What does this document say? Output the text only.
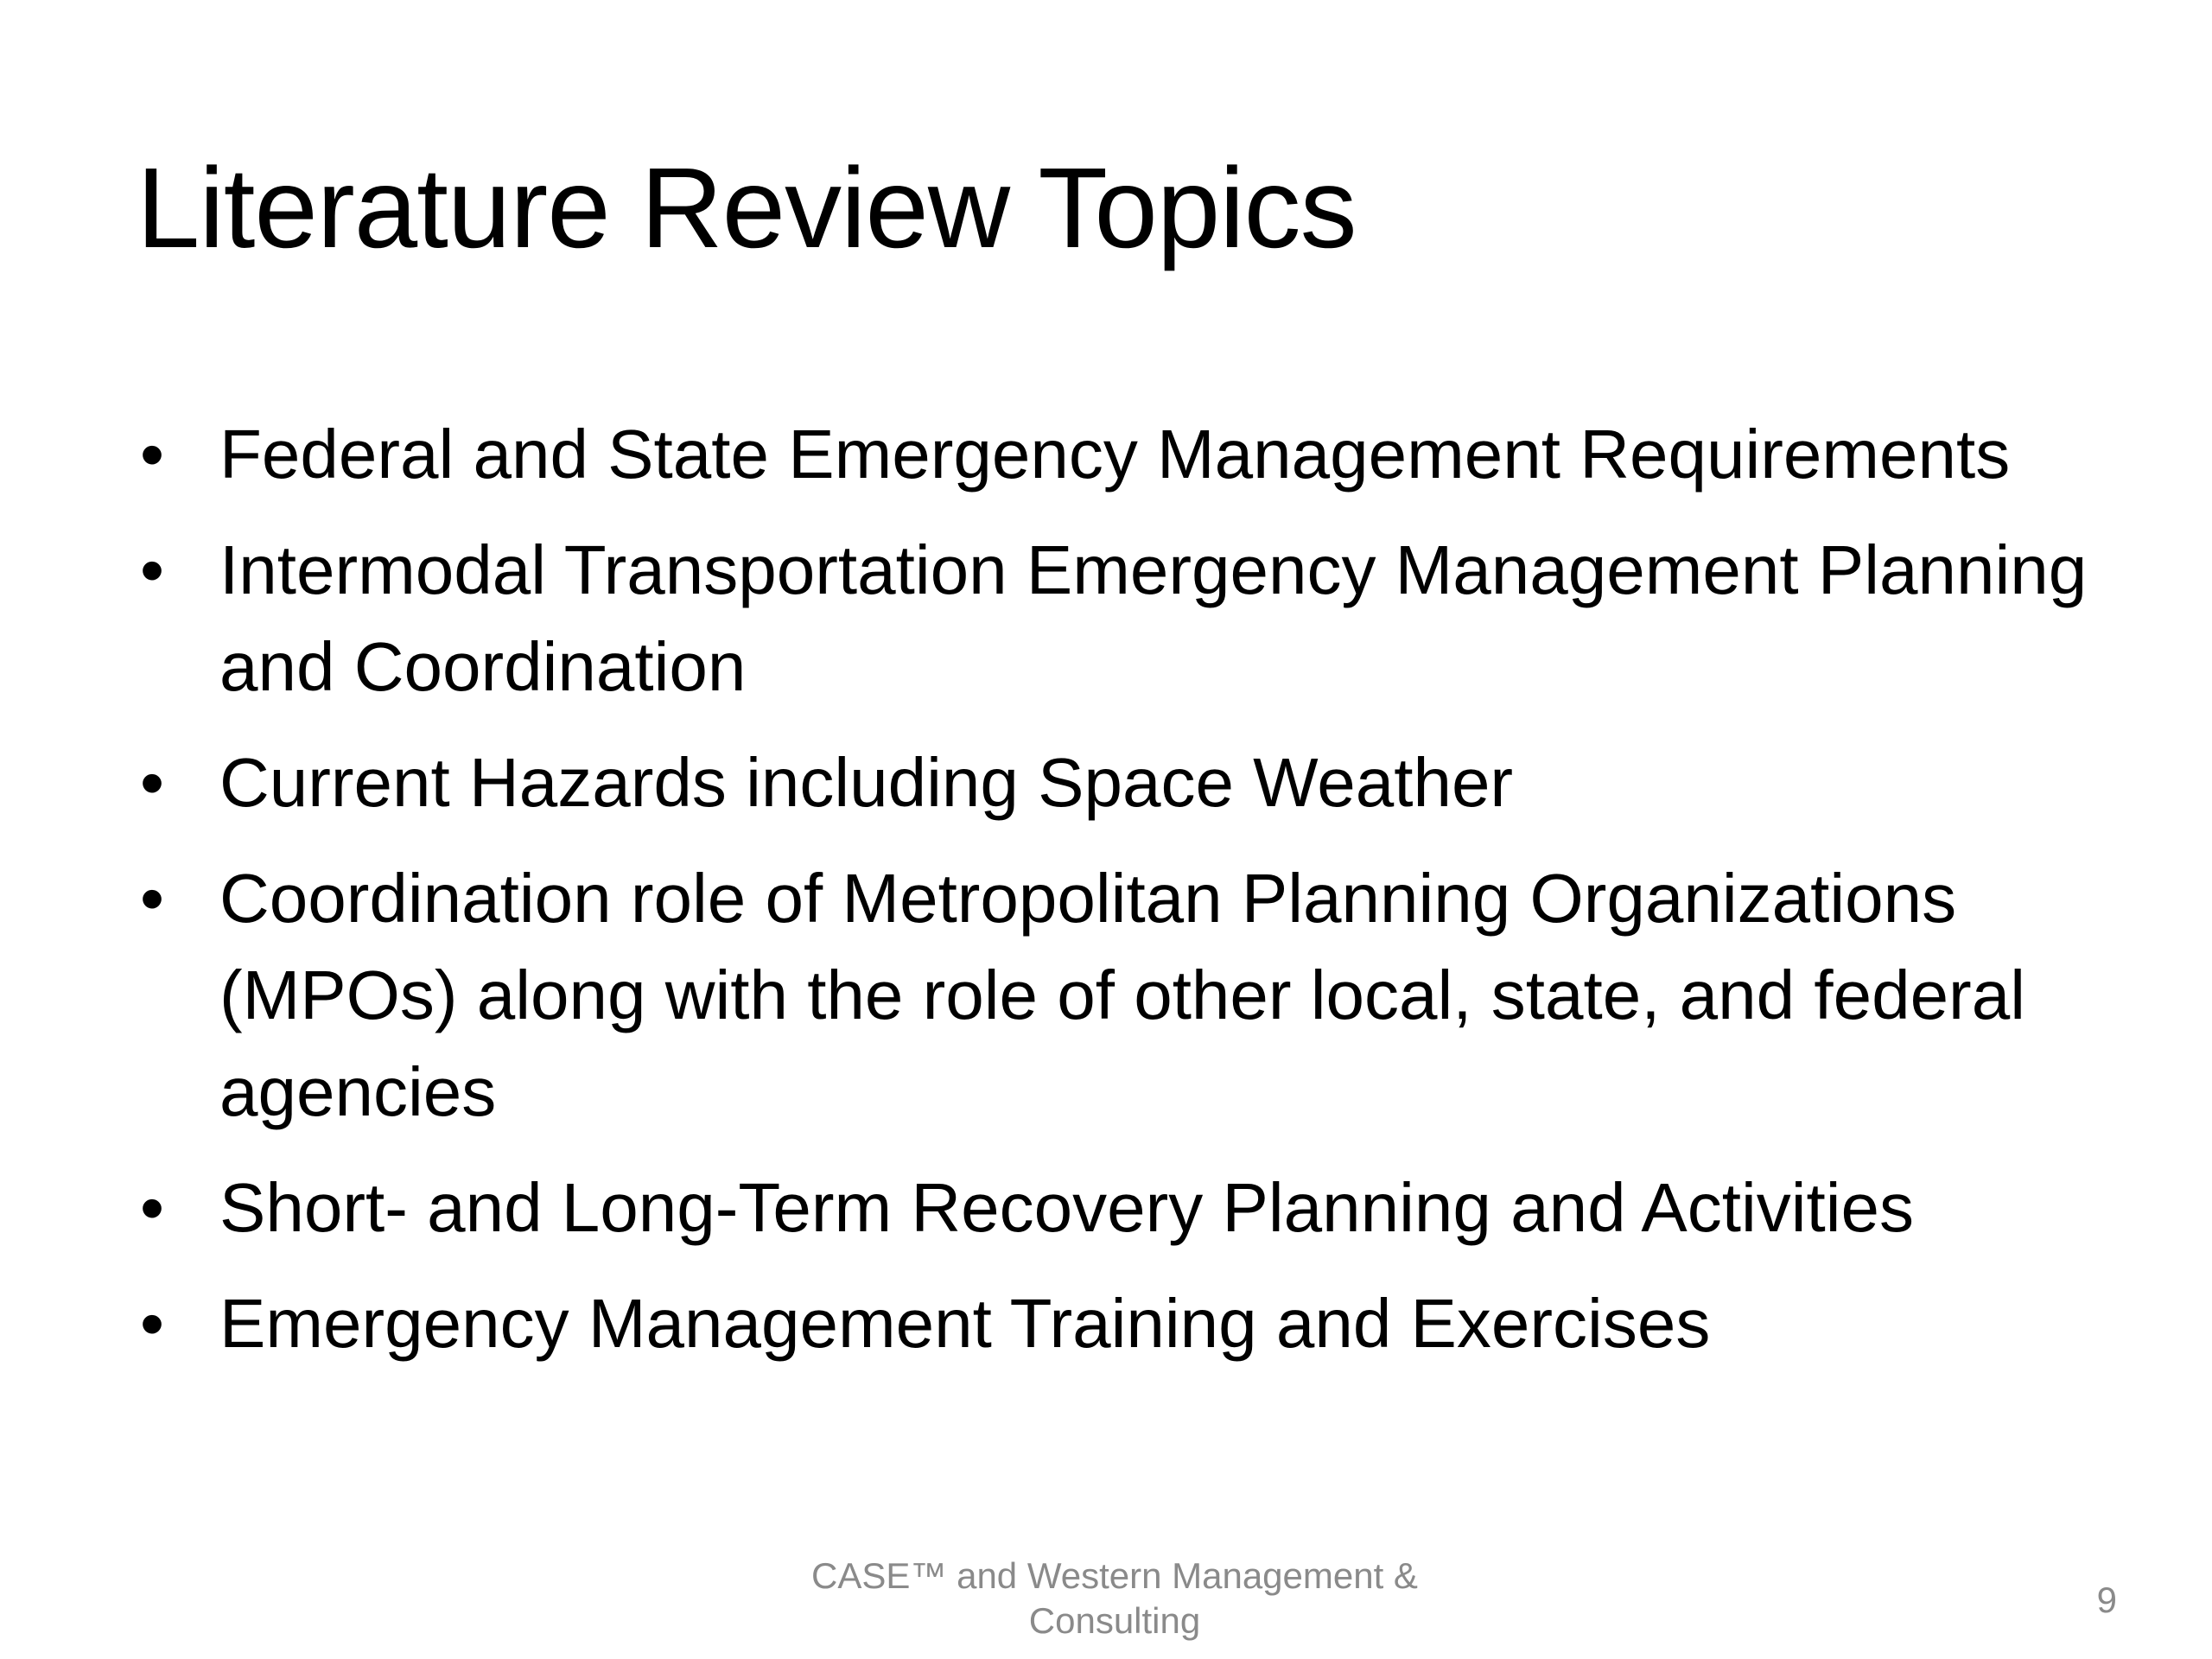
Literature Review Topics
• Federal and State Emergency Management Requirements
• Intermodal Transportation Emergency Management Planning and Coordination
• Current Hazards including Space Weather
• Coordination role of Metropolitan Planning Organizations (MPOs) along with the role of other local, state, and federal agencies
• Short- and Long-Term Recovery Planning and Activities
• Emergency Management Training and Exercises
CASE™ and Western Management & Consulting
9
